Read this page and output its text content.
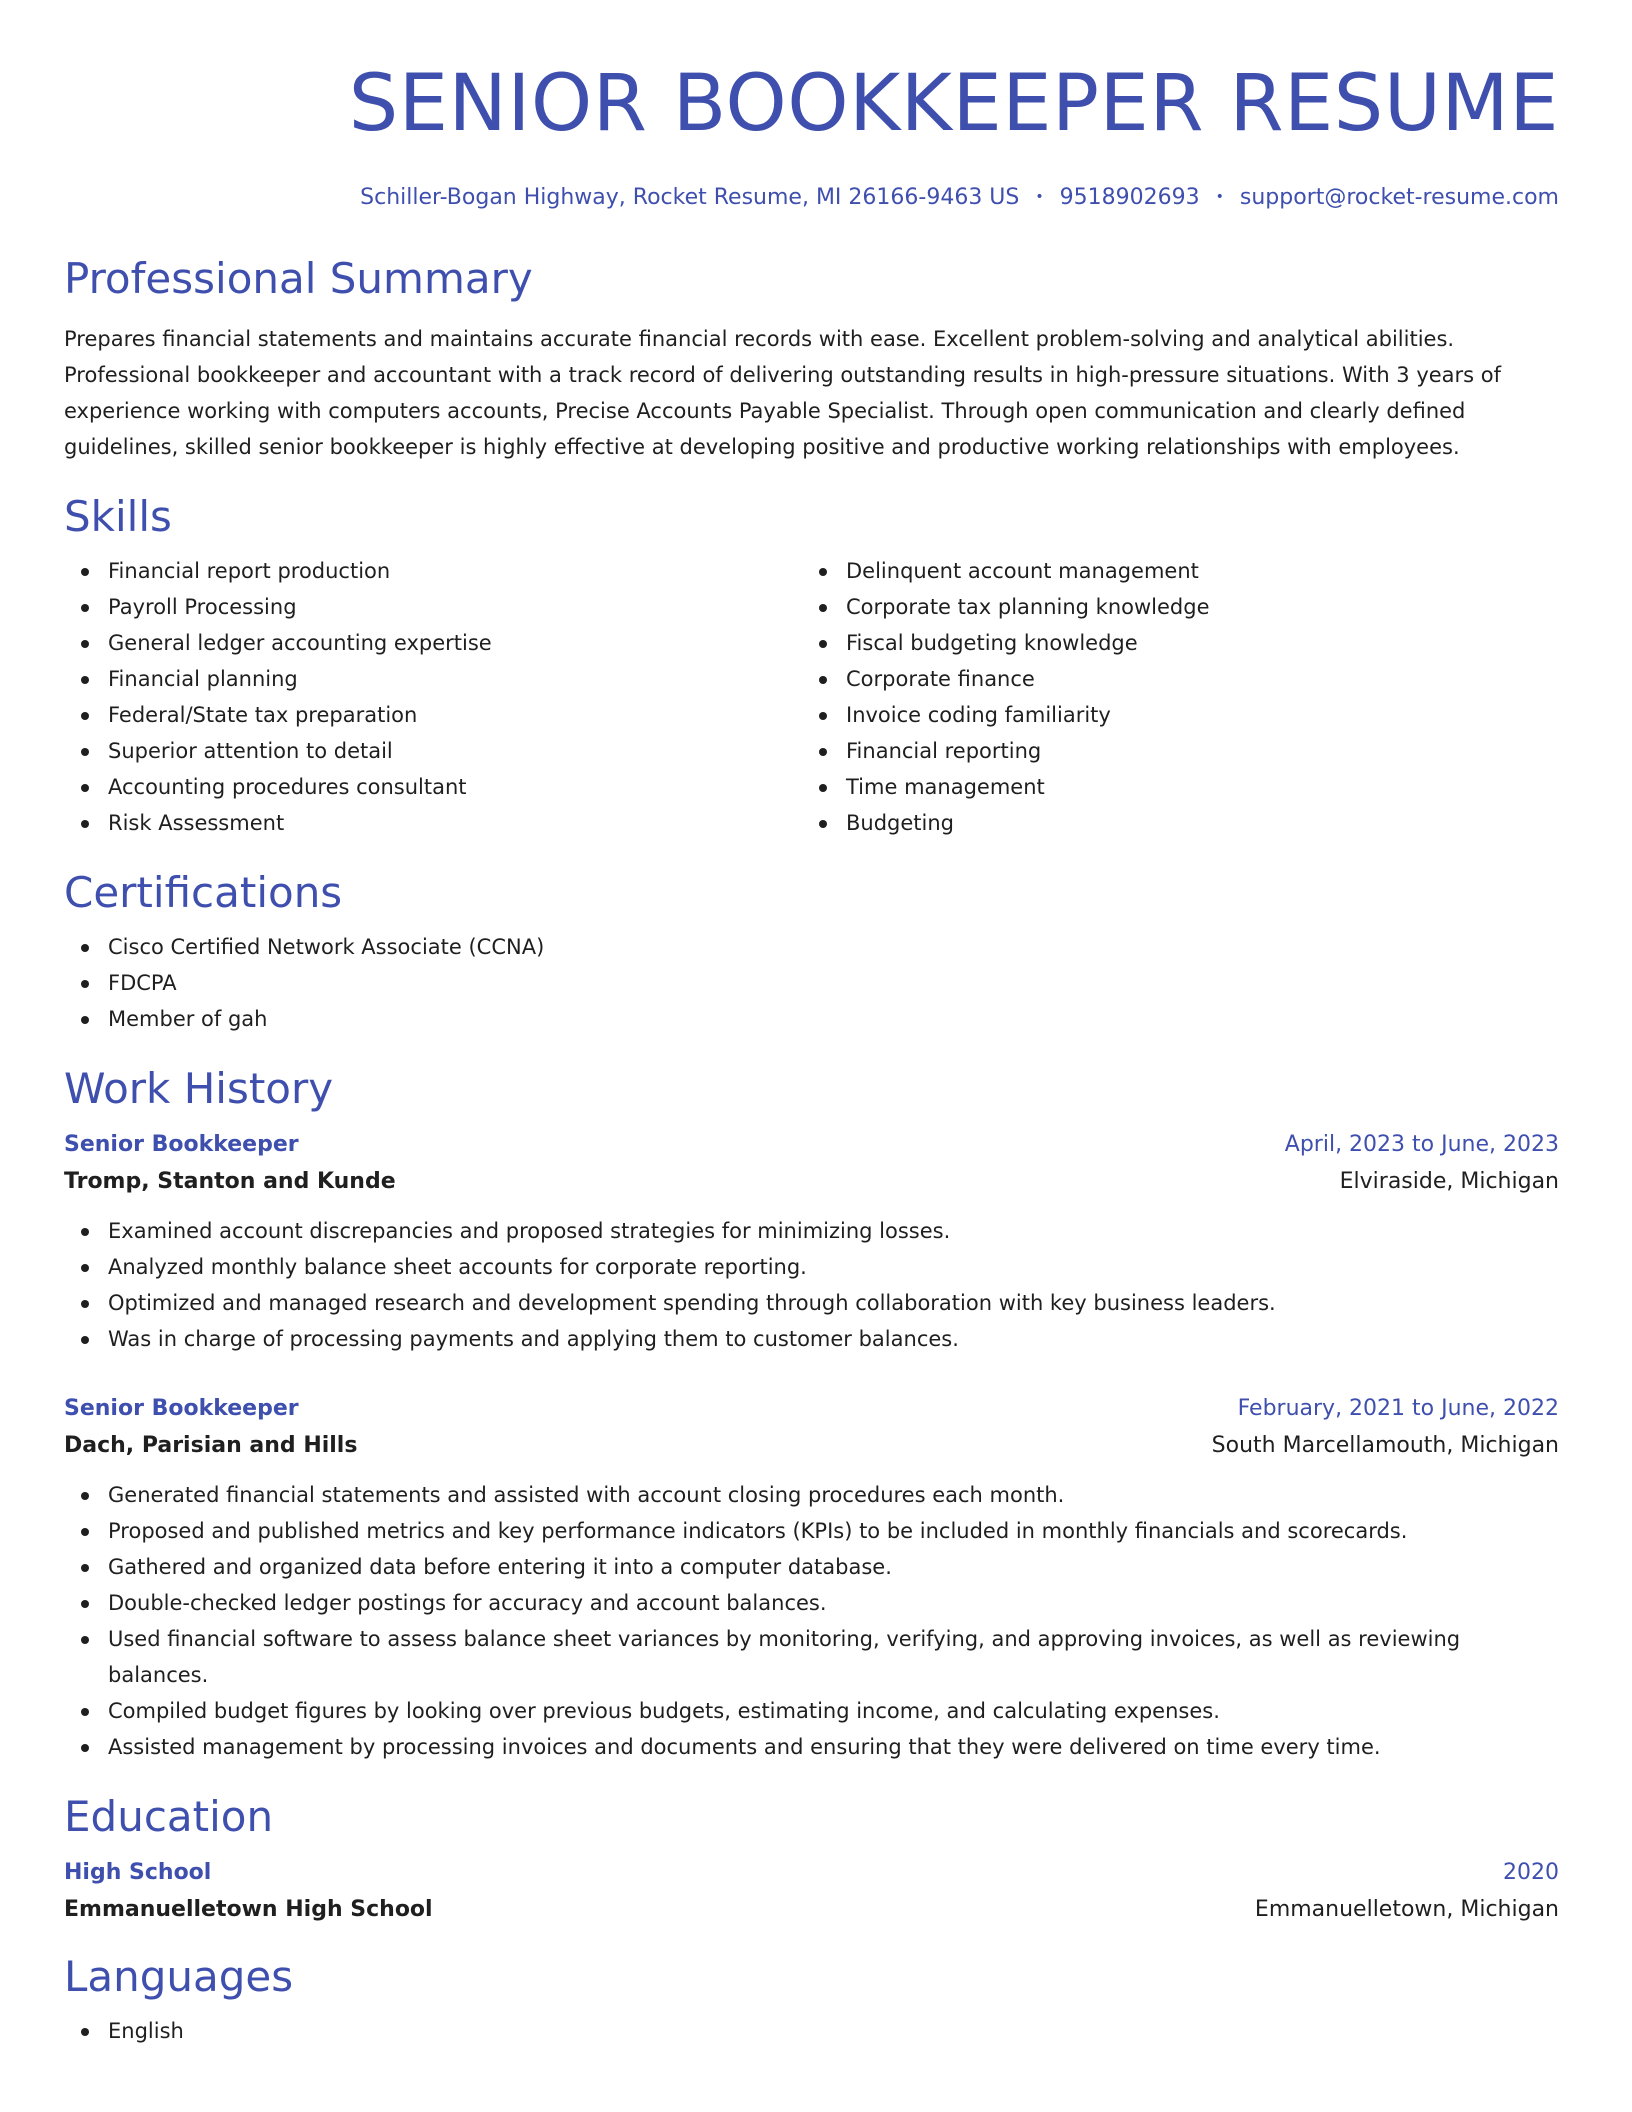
SENIOR BOOKKEEPER RESUME
Schiller-Bogan Highway, Rocket Resume, MI 26166-9463 US • 9518902693 • support@rocket-resume.com
Professional Summary

Prepares financial statements and maintains accurate financial records with ease. Excellent problem-solving and analytical abilities. Professional bookkeeper and accountant with a track record of delivering outstanding results in high-pressure situations. With 3 years of experience working with computers accounts, Precise Accounts Payable Specialist. Through open communication and clearly defined guidelines, skilled senior bookkeeper is highly effective at developing positive and productive working relationships with employees.

Skills
Financial report production
Payroll Processing
General ledger accounting expertise
Financial planning
Federal/State tax preparation
Superior attention to detail
Accounting procedures consultant
Risk Assessment
Delinquent account management
Corporate tax planning knowledge
Fiscal budgeting knowledge
Corporate finance
Invoice coding familiarity
Financial reporting
Time management
Budgeting
Certifications
Cisco Certified Network Associate (CCNA)
FDCPA
Member of gah
Work History
Senior Bookkeeper	April, 2023 to June, 2023
Tromp, Stanton and Kunde	Elviraside, Michigan
Examined account discrepancies and proposed strategies for minimizing losses.
Analyzed monthly balance sheet accounts for corporate reporting.
Optimized and managed research and development spending through collaboration with key business leaders.
Was in charge of processing payments and applying them to customer balances.
Senior Bookkeeper	February, 2021 to June, 2022
Dach, Parisian and Hills	South Marcellamouth, Michigan
Generated financial statements and assisted with account closing procedures each month.
Proposed and published metrics and key performance indicators (KPIs) to be included in monthly financials and scorecards.
Gathered and organized data before entering it into a computer database.
Double-checked ledger postings for accuracy and account balances.
Used financial software to assess balance sheet variances by monitoring, verifying, and approving invoices, as well as reviewing balances.
Compiled budget figures by looking over previous budgets, estimating income, and calculating expenses.
Assisted management by processing invoices and documents and ensuring that they were delivered on time every time.
Education
High School	2020
Emmanuelletown High School	Emmanuelletown, Michigan
Languages
English
